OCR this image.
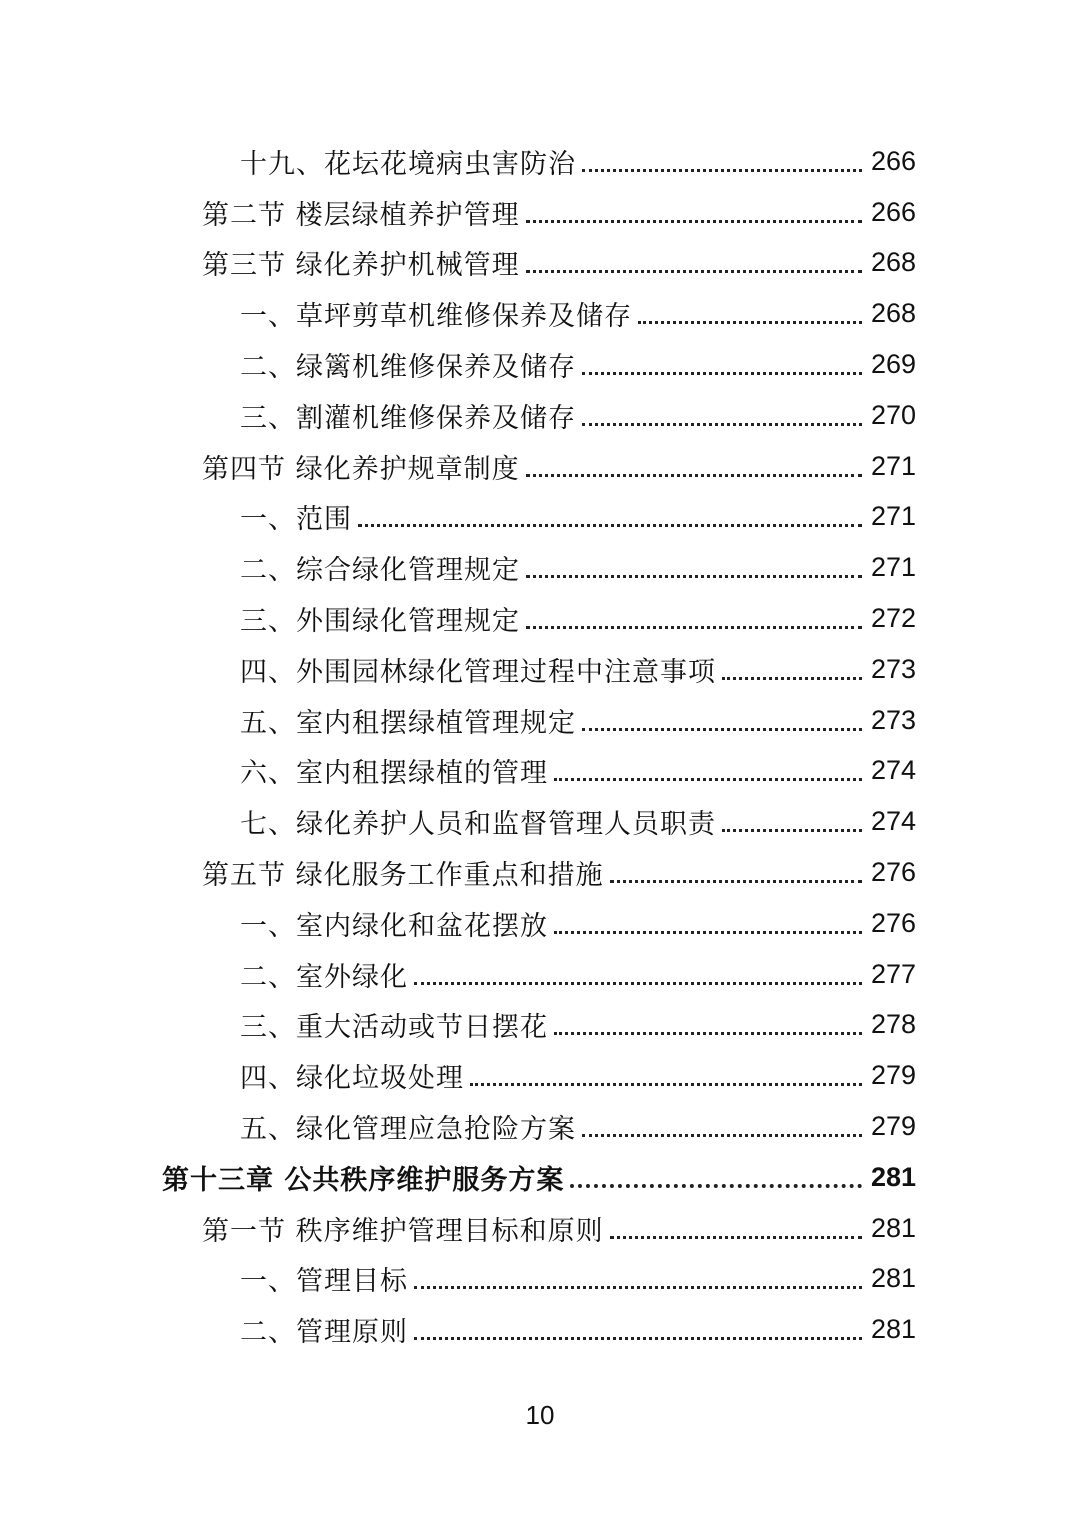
十九、花坛花境病虫害防治	266
第二节 楼层绿植养护管理	266
第三节 绿化养护机械管理	268
一、草坪剪草机维修保养及储存	268
二、绿篱机维修保养及储存	269
三、割灌机维修保养及储存	270
第四节 绿化养护规章制度	271
一、范围	271
二、综合绿化管理规定	271
三、外围绿化管理规定	272
四、外围园林绿化管理过程中注意事项	273
五、室内租摆绿植管理规定	273
六、室内租摆绿植的管理	274
七、绿化养护人员和监督管理人员职责	274
第五节 绿化服务工作重点和措施	276
一、室内绿化和盆花摆放	276
二、室外绿化	277
三、重大活动或节日摆花	278
四、绿化垃圾处理	279
五、绿化管理应急抢险方案	279
第十三章 公共秩序维护服务方案	281
第一节 秩序维护管理目标和原则	281
一、管理目标	281
二、管理原则	281
10
